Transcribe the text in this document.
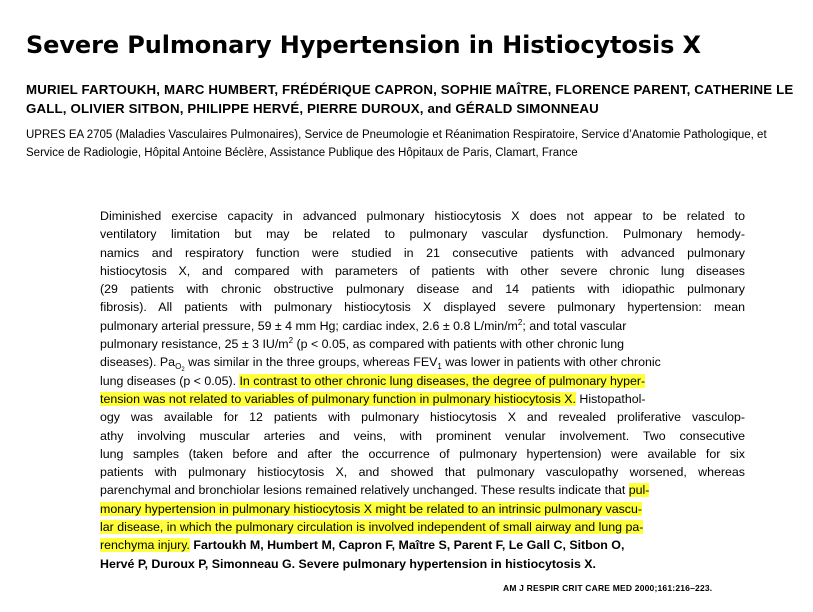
Severe Pulmonary Hypertension in Histiocytosis X
MURIEL FARTOUKH, MARC HUMBERT, FRÉDÉRIQUE CAPRON, SOPHIE MAÎTRE, FLORENCE PARENT, CATHERINE LE GALL, OLIVIER SITBON, PHILIPPE HERVÉ, PIERRE DUROUX, and GÉRALD SIMONNEAU
UPRES EA 2705 (Maladies Vasculaires Pulmonaires), Service de Pneumologie et Réanimation Respiratoire, Service d’Anatomie Pathologique, et Service de Radiologie, Hôpital Antoine Béclère, Assistance Publique des Hôpitaux de Paris, Clamart, France
Diminished exercise capacity in advanced pulmonary histiocytosis X does not appear to be related to
ventilatory limitation but may be related to pulmonary vascular dysfunction. Pulmonary hemody-
namics and respiratory function were studied in 21 consecutive patients with advanced pulmonary
histiocytosis X, and compared with parameters of patients with other severe chronic lung diseases
(29 patients with chronic obstructive pulmonary disease and 14 patients with idiopathic pulmonary
fibrosis). All patients with pulmonary histiocytosis X displayed severe pulmonary hypertension: mean
pulmonary arterial pressure, 59 ± 4 mm Hg; cardiac index, 2.6 ± 0.8 $L/\min/m^2$; and total vascular
pulmonary resistance, 25 ± 3 $IU/m^2$ (p < 0.05, as compared with patients with other chronic lung
diseases). $Pa_{O_2}$ was similar in the three groups, whereas $FEV_1$ was lower in patients with other chronic
lung diseases (p < 0.05). In contrast to other chronic lung diseases, the degree of pulmonary hyper-
tension was not related to variables of pulmonary function in pulmonary histiocytosis X. Histopathol-
ogy was available for 12 patients with pulmonary histiocytosis X and revealed proliferative vasculop-
athy involving muscular arteries and veins, with prominent venular involvement. Two consecutive
lung samples (taken before and after the occurrence of pulmonary hypertension) were available for six
patients with pulmonary histiocytosis X, and showed that pulmonary vasculopathy worsened, whereas
parenchymal and bronchiolar lesions remained relatively unchanged. These results indicate that pul-
monary hypertension in pulmonary histiocytosis X might be related to an intrinsic pulmonary vascu-
lar disease, in which the pulmonary circulation is involved independent of small airway and lung pa-
renchyma injury. Fartoukh M, Humbert M, Capron F, Maître S, Parent F, Le Gall C, Sitbon O,
Hervé P, Duroux P, Simonneau G. Severe pulmonary hypertension in histiocytosis X.
AM J RESPIR CRIT CARE MED 2000;161:216–223.
